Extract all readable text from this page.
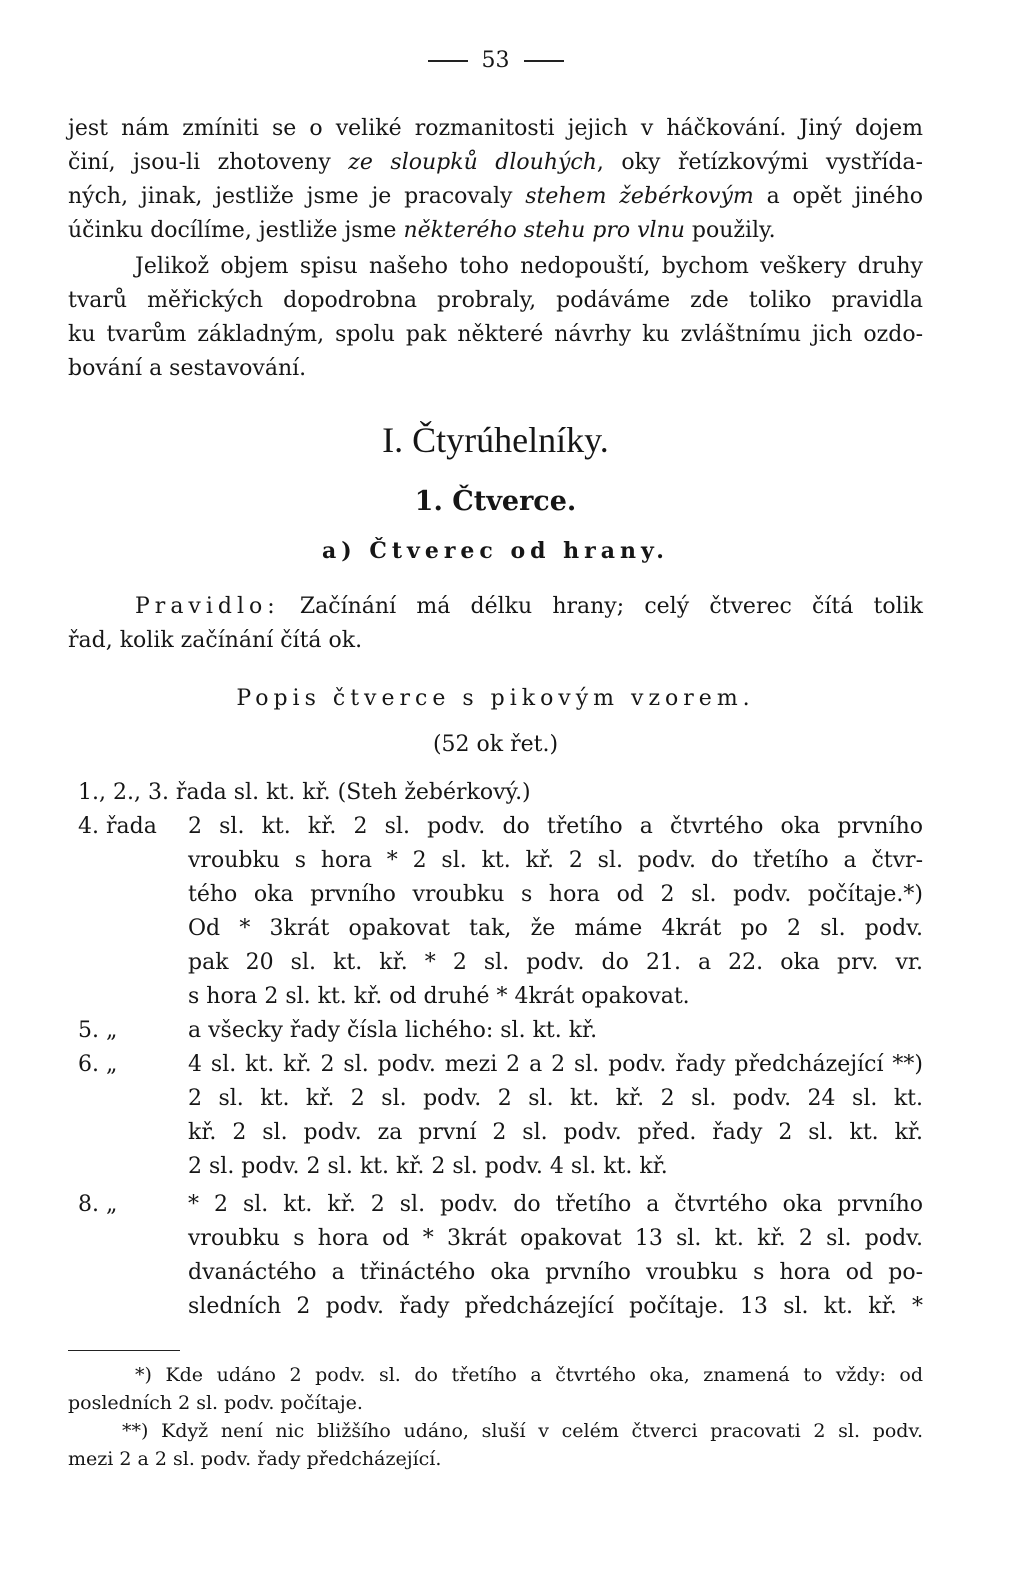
53
jest nám zmíniti se o veliké rozmanitosti jejich v háčkování. Jiný dojem
činí, jsou-li zhotoveny ze sloupků dlouhých, oky řetízkovými vystřída-
ných, jinak, jestliže jsme je pracovaly stehem žebérkovým a opět jiného
účinku docílíme, jestliže jsme některého stehu pro vlnu použily.
Jelikož objem spisu našeho toho nedopouští, bychom veškery druhy
tvarů měřických dopodrobna probraly, podáváme zde toliko pravidla
ku tvarům základným, spolu pak některé návrhy ku zvláštnímu jich ozdo-
bování a sestavování.
I. Čtyrúhelníky.
1. Čtverce.
a) Čtverec od hrany.
Pravidlo: Začínání má délku hrany; celý čtverec čítá tolik
řad, kolik začínání čítá ok.
Popis čtverce s pikovým vzorem.
(52 ok řet.)
1., 2., 3. řada sl. kt. kř. (Steh žebérkový.)
4. řada 2 sl. kt. kř. 2 sl. podv. do třetího a čtvrtého oka prvního
vroubku s hora * 2 sl. kt. kř. 2 sl. podv. do třetího a čtvr-
tého oka prvního vroubku s hora od 2 sl. podv. počítaje.*)
Od * 3krát opakovat tak, že máme 4krát po 2 sl. podv.
pak 20 sl. kt. kř. * 2 sl. podv. do 21. a 22. oka prv. vr.
s hora 2 sl. kt. kř. od druhé * 4krát opakovat.
5. „	a všecky řady čísla lichého: sl. kt. kř.
6. „	4 sl. kt. kř. 2 sl. podv. mezi 2 a 2 sl. podv. řady předcházející **)
2 sl. kt. kř. 2 sl. podv. 2 sl. kt. kř. 2 sl. podv. 24 sl. kt.
kř. 2 sl. podv. za první 2 sl. podv. před. řady 2 sl. kt. kř.
2 sl. podv. 2 sl. kt. kř. 2 sl. podv. 4 sl. kt. kř.
8. „	* 2 sl. kt. kř. 2 sl. podv. do třetího a čtvrtého oka prvního
vroubku s hora od * 3krát opakovat 13 sl. kt. kř. 2 sl. podv.
dvanáctého a třináctého oka prvního vroubku s hora od po-
sledních 2 podv. řady předcházející počítaje. 13 sl. kt. kř. *
*) Kde udáno 2 podv. sl. do třetího a čtvrtého oka, znamená to vždy: od
posledních 2 sl. podv. počítaje.
**) Když není nic bližšího udáno, sluší v celém čtverci pracovati 2 sl. podv.
mezi 2 a 2 sl. podv. řady předcházející.
